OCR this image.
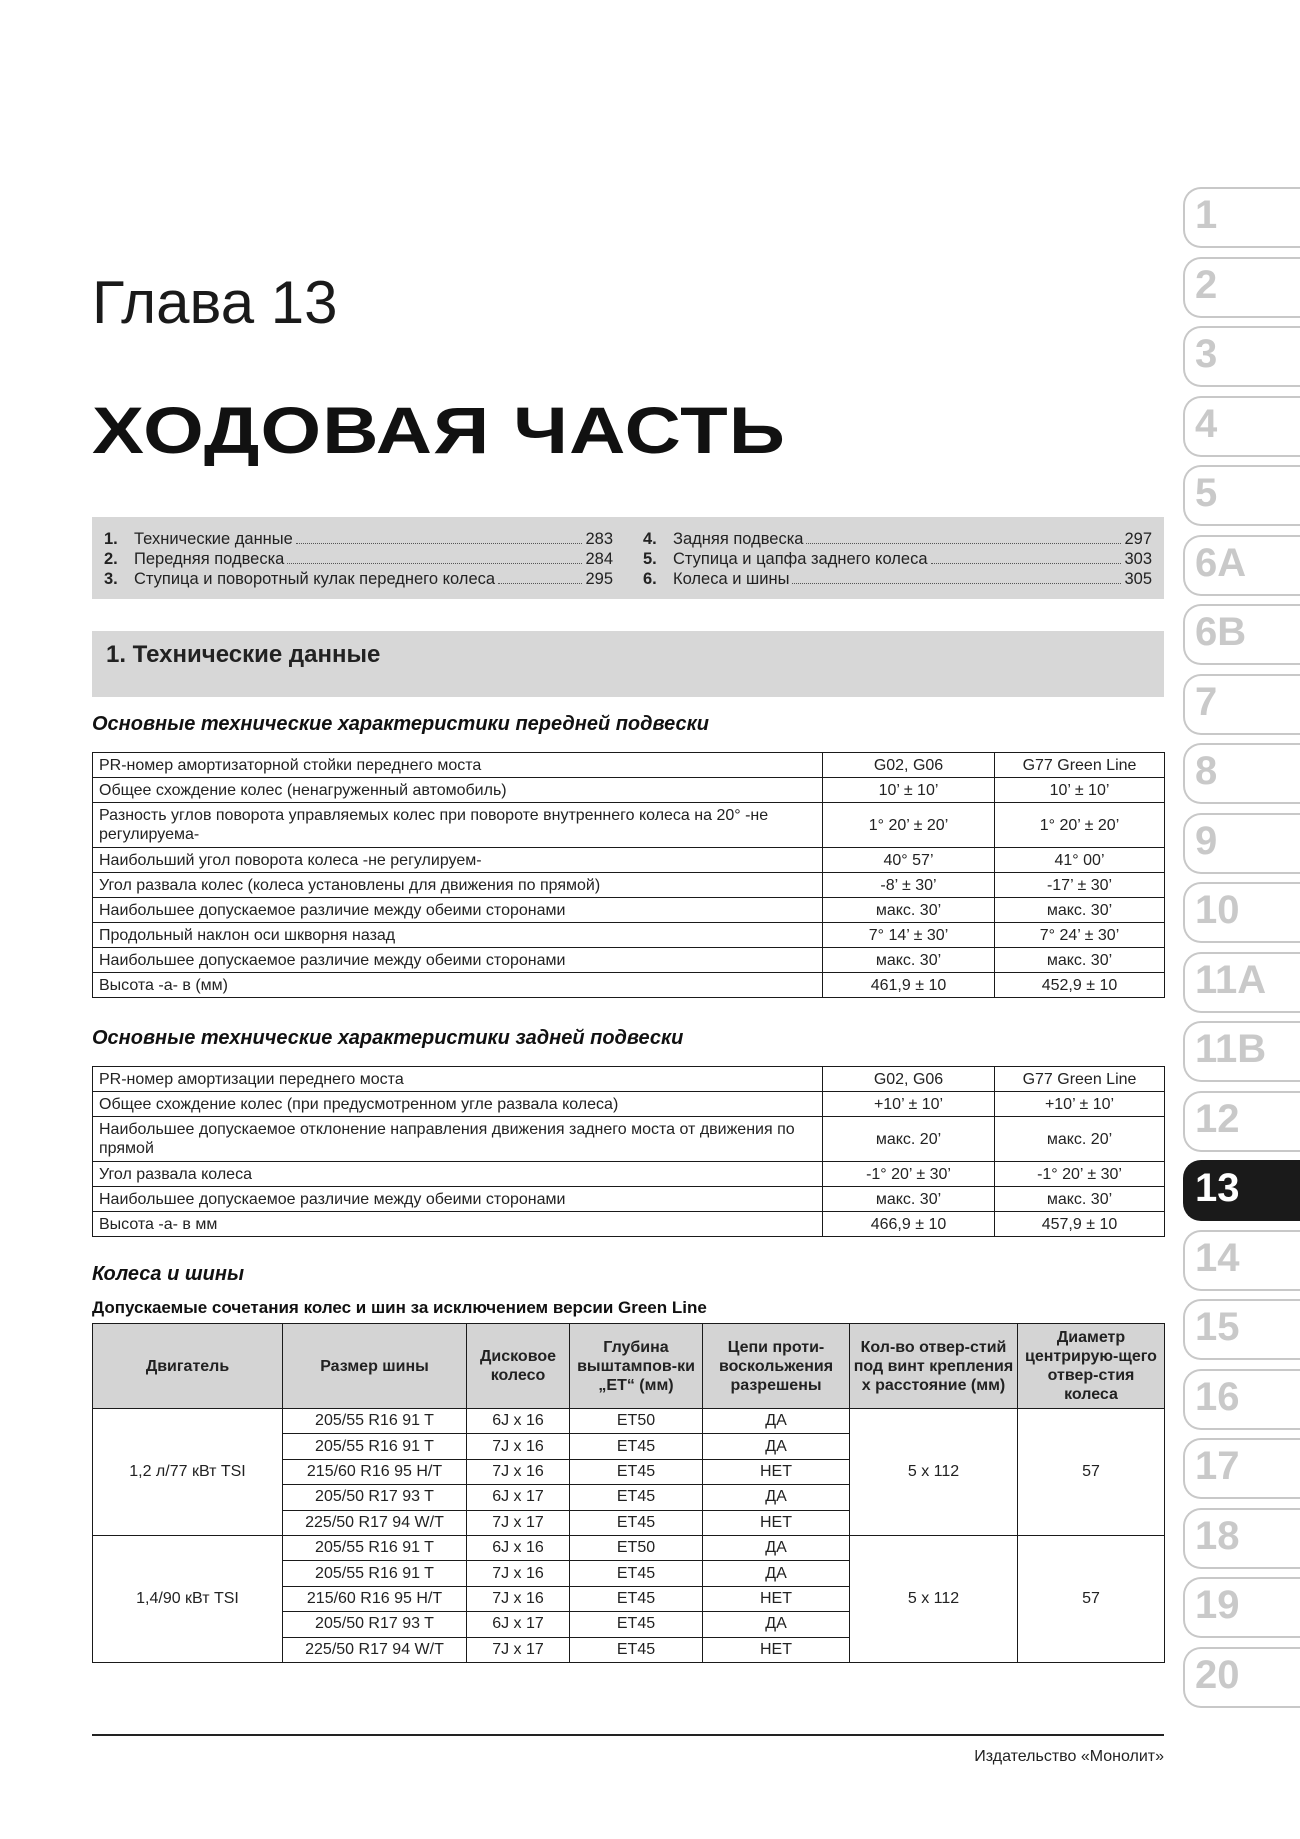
Глава 13
ХОДОВАЯ ЧАСТЬ
1. Технические данные	283
2. Передняя подвеска	284
3. Ступица и поворотный кулак переднего колеса	295
4. Задняя подвеска	297
5. Ступица и цапфа заднего колеса	303
6. Колеса и шины	305
1. Технические данные
Основные технические характеристики передней подвески
PR-номер амортизаторной стойки переднего моста	G02, G06	G77 Green Line
Общее схождение колес (ненагруженный автомобиль)	10’ ± 10’	10’ ± 10’
Разность углов поворота управляемых колес при повороте внутреннего колеса на 20° -не регулируема-	1° 20’ ± 20’	1° 20’ ± 20’
Наибольший угол поворота колеса -не регулируем-	40° 57’	41° 00’
Угол развала колес (колеса установлены для движения по прямой)	-8’ ± 30’	-17’ ± 30’
Наибольшее допускаемое различие между обеими сторонами	макс. 30’	макс. 30’
Продольный наклон оси шкворня назад	7° 14’ ± 30’	7° 24’ ± 30’
Наибольшее допускаемое различие между обеими сторонами	макс. 30’	макс. 30’
Высота -a- в (мм)	461,9 ± 10	452,9 ± 10
Основные технические характеристики задней подвески
PR-номер амортизации переднего моста	G02, G06	G77 Green Line
Общее схождение колес (при предусмотренном угле развала колеса)	+10’ ± 10’	+10’ ± 10’
Наибольшее допускаемое отклонение направления движения заднего моста от движения по прямой	макс. 20’	макс. 20’
Угол развала колеса	-1° 20’ ± 30’	-1° 20’ ± 30’
Наибольшее допускаемое различие между обеими сторонами	макс. 30’	макс. 30’
Высота -a- в мм	466,9 ± 10	457,9 ± 10
Колеса и шины
Допускаемые сочетания колес и шин за исключением версии Green Line
Двигатель	Размер шины	Дисковое колесо	Глубина выштампов-ки „ЕТ“ (мм)	Цепи проти-воскольжения разрешены	Кол-во отвер-стий под винт крепления х расстояние (мм)	Диаметр центрирую-щего отвер-стия колеса
1,2 л/77 кВт TSI	205/55 R16 91 T	6J x 16	ET50	ДА	5 x 112	57
	205/55 R16 91 T	7J x 16	ET45	ДА		
	215/60 R16 95 H/T	7J x 16	ET45	НЕТ		
	205/50 R17 93 T	6J x 17	ET45	ДА		
	225/50 R17 94 W/T	7J x 17	ET45	НЕТ		
1,4/90 кВт TSI	205/55 R16 91 T	6J x 16	ET50	ДА	5 x 112	57
	205/55 R16 91 T	7J x 16	ET45	ДА		
	215/60 R16 95 H/T	7J x 16	ET45	НЕТ		
	205/50 R17 93 T	6J x 17	ET45	ДА		
	225/50 R17 94 W/T	7J x 17	ET45	НЕТ		
Издательство «Монолит»
1
2
3
4
5
6A
6B
7
8
9
10
11A
11B
12
13
14
15
16
17
18
19
20
